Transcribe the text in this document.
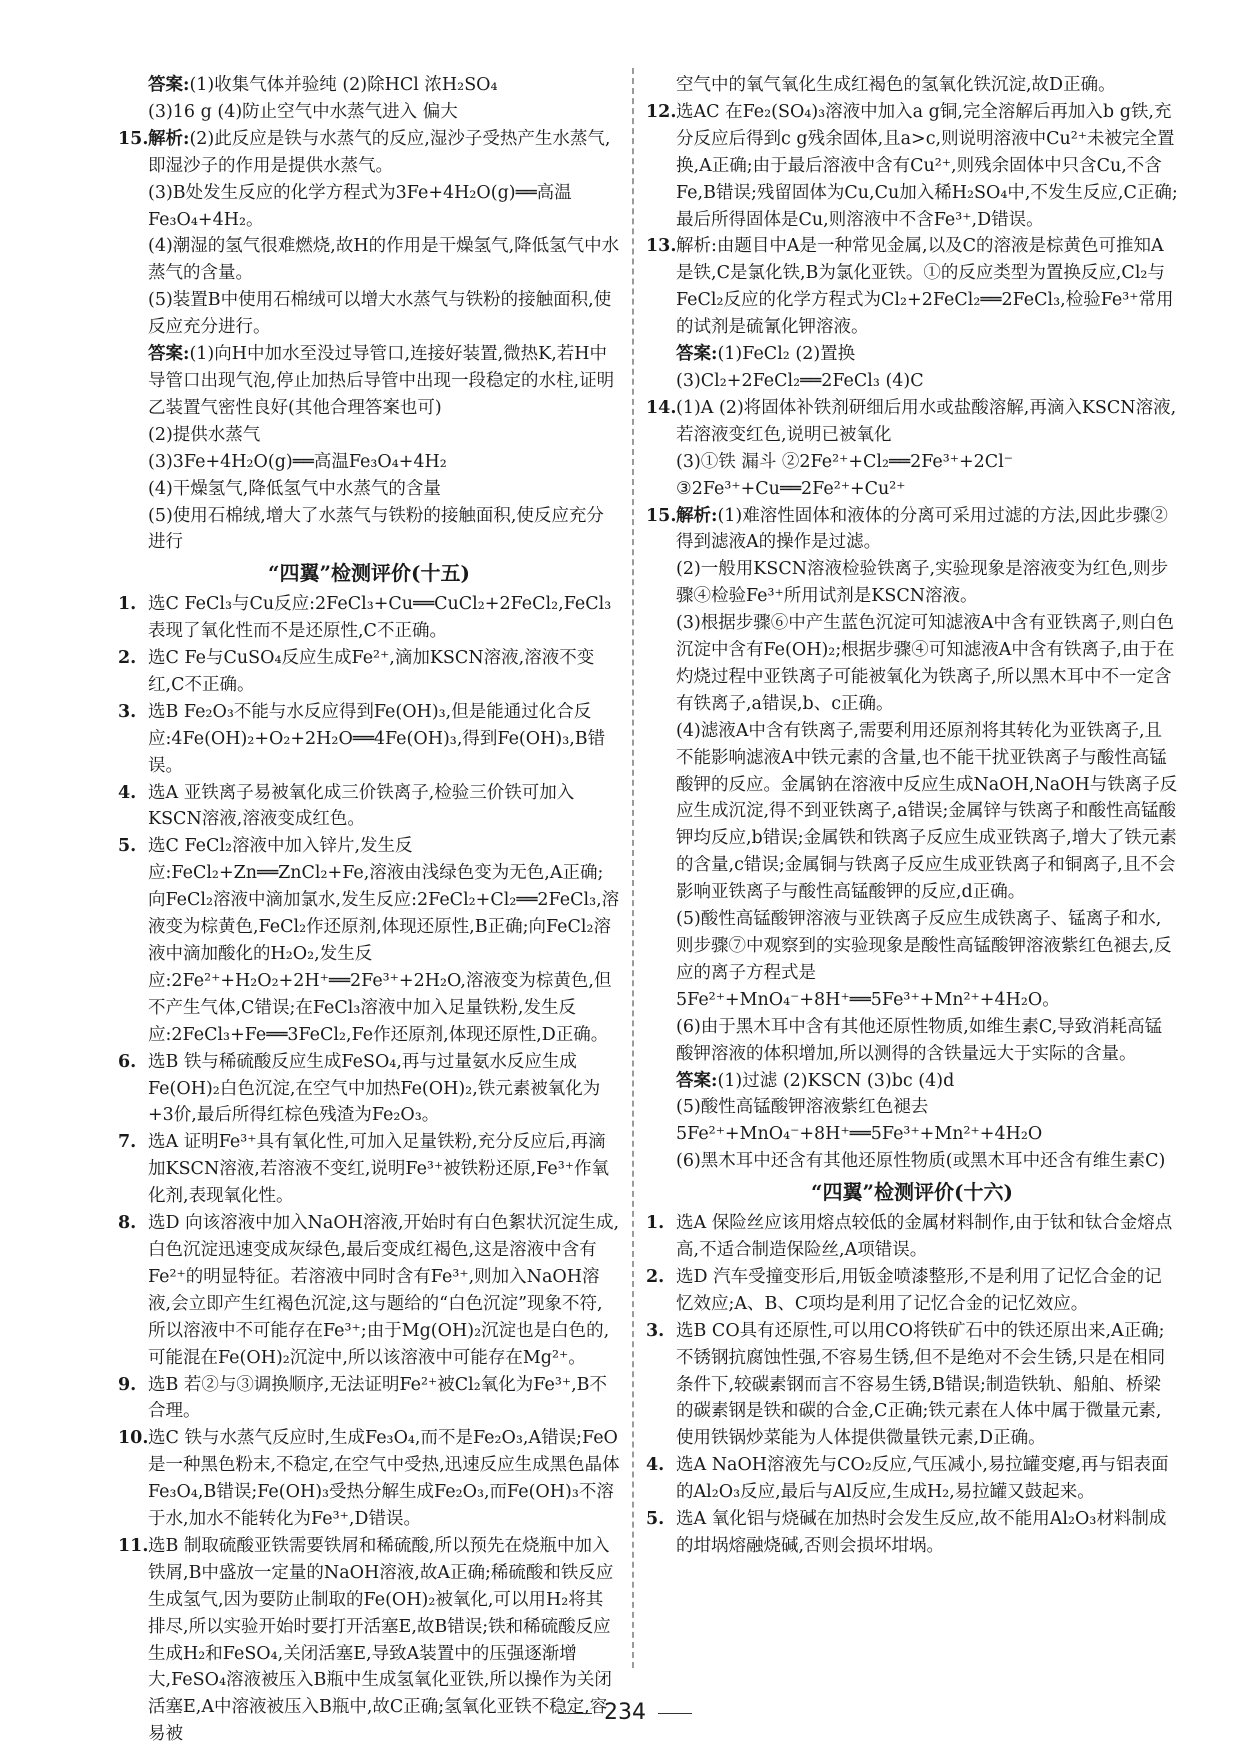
答案:(1)收集气体并验纯 (2)除HCl 浓H₂SO₄

(3)16 g (4)防止空气中水蒸气进入 偏大

15. 解析:(2)此反应是铁与水蒸气的反应,湿沙子受热产生水蒸气,即湿沙子的作用是提供水蒸气。

(3)B处发生反应的化学方程式为3Fe+4H₂O(g)══高温Fe₃O₄+4H₂。

(4)潮湿的氢气很难燃烧,故H的作用是干燥氢气,降低氢气中水蒸气的含量。

(5)装置B中使用石棉绒可以增大水蒸气与铁粉的接触面积,使反应充分进行。

答案:(1)向H中加水至没过导管口,连接好装置,微热K,若H中导管口出现气泡,停止加热后导管中出现一段稳定的水柱,证明乙装置气密性良好(其他合理答案也可)

(2)提供水蒸气

(3)3Fe+4H₂O(g)══高温Fe₃O₄+4H₂

(4)干燥氢气,降低氢气中水蒸气的含量

(5)使用石棉绒,增大了水蒸气与铁粉的接触面积,使反应充分进行

“四翼”检测评价(十五)

1. 选C FeCl₃与Cu反应:2FeCl₃+Cu══CuCl₂+2FeCl₂,FeCl₃表现了氧化性而不是还原性,C不正确。

2. 选C Fe与CuSO₄反应生成Fe²⁺,滴加KSCN溶液,溶液不变红,C不正确。

3. 选B Fe₂O₃不能与水反应得到Fe(OH)₃,但是能通过化合反应:4Fe(OH)₂+O₂+2H₂O══4Fe(OH)₃,得到Fe(OH)₃,B错误。

4. 选A 亚铁离子易被氧化成三价铁离子,检验三价铁可加入KSCN溶液,溶液变成红色。

5. 选C FeCl₂溶液中加入锌片,发生反应:FeCl₂+Zn══ZnCl₂+Fe,溶液由浅绿色变为无色,A正确;向FeCl₂溶液中滴加氯水,发生反应:2FeCl₂+Cl₂══2FeCl₃,溶液变为棕黄色,FeCl₂作还原剂,体现还原性,B正确;向FeCl₂溶液中滴加酸化的H₂O₂,发生反应:2Fe²⁺+H₂O₂+2H⁺══2Fe³⁺+2H₂O,溶液变为棕黄色,但不产生气体,C错误;在FeCl₃溶液中加入足量铁粉,发生反应:2FeCl₃+Fe══3FeCl₂,Fe作还原剂,体现还原性,D正确。

6. 选B 铁与稀硫酸反应生成FeSO₄,再与过量氨水反应生成Fe(OH)₂白色沉淀,在空气中加热Fe(OH)₂,铁元素被氧化为+3价,最后所得红棕色残渣为Fe₂O₃。

7. 选A 证明Fe³⁺具有氧化性,可加入足量铁粉,充分反应后,再滴加KSCN溶液,若溶液不变红,说明Fe³⁺被铁粉还原,Fe³⁺作氧化剂,表现氧化性。

8. 选D 向该溶液中加入NaOH溶液,开始时有白色絮状沉淀生成,白色沉淀迅速变成灰绿色,最后变成红褐色,这是溶液中含有Fe²⁺的明显特征。若溶液中同时含有Fe³⁺,则加入NaOH溶液,会立即产生红褐色沉淀,这与题给的“白色沉淀”现象不符,所以溶液中不可能存在Fe³⁺;由于Mg(OH)₂沉淀也是白色的,可能混在Fe(OH)₂沉淀中,所以该溶液中可能存在Mg²⁺。

9. 选B 若②与③调换顺序,无法证明Fe²⁺被Cl₂氧化为Fe³⁺,B不合理。

10. 选C 铁与水蒸气反应时,生成Fe₃O₄,而不是Fe₂O₃,A错误;FeO是一种黑色粉末,不稳定,在空气中受热,迅速反应生成黑色晶体Fe₃O₄,B错误;Fe(OH)₃受热分解生成Fe₂O₃,而Fe(OH)₃不溶于水,加水不能转化为Fe³⁺,D错误。

11. 选B 制取硫酸亚铁需要铁屑和稀硫酸,所以预先在烧瓶中加入铁屑,B中盛放一定量的NaOH溶液,故A正确;稀硫酸和铁反应生成氢气,因为要防止制取的Fe(OH)₂被氧化,可以用H₂将其排尽,所以实验开始时要打开活塞E,故B错误;铁和稀硫酸反应生成H₂和FeSO₄,关闭活塞E,导致A装置中的压强逐渐增大,FeSO₄溶液被压入B瓶中生成氢氧化亚铁,所以操作为关闭活塞E,A中溶液被压入B瓶中,故C正确;氢氧化亚铁不稳定,容易被

空气中的氧气氧化生成红褐色的氢氧化铁沉淀,故D正确。

12. 选AC 在Fe₂(SO₄)₃溶液中加入a g铜,完全溶解后再加入b g铁,充分反应后得到c g残余固体,且a>c,则说明溶液中Cu²⁺未被完全置换,A正确;由于最后溶液中含有Cu²⁺,则残余固体中只含Cu,不含Fe,B错误;残留固体为Cu,Cu加入稀H₂SO₄中,不发生反应,C正确;最后所得固体是Cu,则溶液中不含Fe³⁺,D错误。

13. 解析:由题目中A是一种常见金属,以及C的溶液是棕黄色可推知A是铁,C是氯化铁,B为氯化亚铁。①的反应类型为置换反应,Cl₂与FeCl₂反应的化学方程式为Cl₂+2FeCl₂══2FeCl₃,检验Fe³⁺常用的试剂是硫氰化钾溶液。

答案:(1)FeCl₂ (2)置换

(3)Cl₂+2FeCl₂══2FeCl₃ (4)C

14. (1)A (2)将固体补铁剂研细后用水或盐酸溶解,再滴入KSCN溶液,若溶液变红色,说明已被氧化

(3)①铁 漏斗 ②2Fe²⁺+Cl₂══2Fe³⁺+2Cl⁻

③2Fe³⁺+Cu══2Fe²⁺+Cu²⁺

15. 解析:(1)难溶性固体和液体的分离可采用过滤的方法,因此步骤②得到滤液A的操作是过滤。

(2)一般用KSCN溶液检验铁离子,实验现象是溶液变为红色,则步骤④检验Fe³⁺所用试剂是KSCN溶液。

(3)根据步骤⑥中产生蓝色沉淀可知滤液A中含有亚铁离子,则白色沉淀中含有Fe(OH)₂;根据步骤④可知滤液A中含有铁离子,由于在灼烧过程中亚铁离子可能被氧化为铁离子,所以黑木耳中不一定含有铁离子,a错误,b、c正确。

(4)滤液A中含有铁离子,需要利用还原剂将其转化为亚铁离子,且不能影响滤液A中铁元素的含量,也不能干扰亚铁离子与酸性高锰酸钾的反应。金属钠在溶液中反应生成NaOH,NaOH与铁离子反应生成沉淀,得不到亚铁离子,a错误;金属锌与铁离子和酸性高锰酸钾均反应,b错误;金属铁和铁离子反应生成亚铁离子,增大了铁元素的含量,c错误;金属铜与铁离子反应生成亚铁离子和铜离子,且不会影响亚铁离子与酸性高锰酸钾的反应,d正确。

(5)酸性高锰酸钾溶液与亚铁离子反应生成铁离子、锰离子和水,则步骤⑦中观察到的实验现象是酸性高锰酸钾溶液紫红色褪去,反应的离子方程式是5Fe²⁺+MnO₄⁻+8H⁺══5Fe³⁺+Mn²⁺+4H₂O。

(6)由于黑木耳中含有其他还原性物质,如维生素C,导致消耗高锰酸钾溶液的体积增加,所以测得的含铁量远大于实际的含量。

答案:(1)过滤 (2)KSCN (3)bc (4)d

(5)酸性高锰酸钾溶液紫红色褪去 5Fe²⁺+MnO₄⁻+8H⁺══5Fe³⁺+Mn²⁺+4H₂O

(6)黑木耳中还含有其他还原性物质(或黑木耳中还含有维生素C)

“四翼”检测评价(十六)

1. 选A 保险丝应该用熔点较低的金属材料制作,由于钛和钛合金熔点高,不适合制造保险丝,A项错误。

2. 选D 汽车受撞变形后,用钣金喷漆整形,不是利用了记忆合金的记忆效应;A、B、C项均是利用了记忆合金的记忆效应。

3. 选B CO具有还原性,可以用CO将铁矿石中的铁还原出来,A正确;不锈钢抗腐蚀性强,不容易生锈,但不是绝对不会生锈,只是在相同条件下,较碳素钢而言不容易生锈,B错误;制造铁轨、船舶、桥梁的碳素钢是铁和碳的合金,C正确;铁元素在人体中属于微量元素,使用铁锅炒菜能为人体提供微量铁元素,D正确。

4. 选A NaOH溶液先与CO₂反应,气压减小,易拉罐变瘪,再与铝表面的Al₂O₃反应,最后与Al反应,生成H₂,易拉罐又鼓起来。

5. 选A 氧化铝与烧碱在加热时会发生反应,故不能用Al₂O₃材料制成的坩埚熔融烧碱,否则会损坏坩埚。

234
